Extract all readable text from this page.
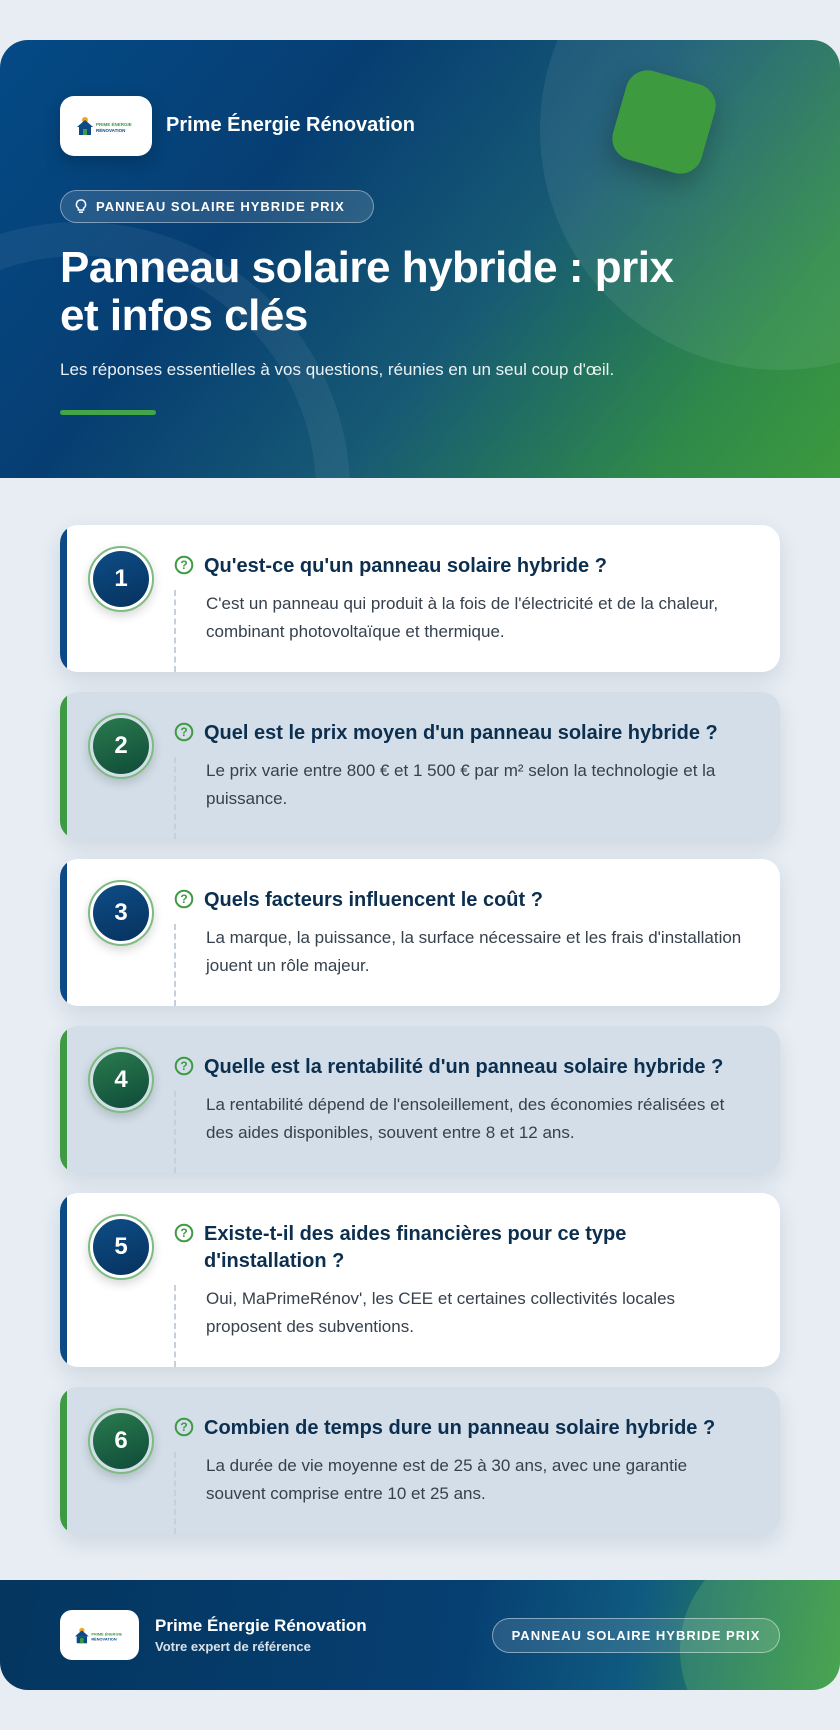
PRIME ÉNERGIE
RÉNOVATION Prime Énergie Rénovation
PANNEAU SOLAIRE HYBRIDE PRIX
Panneau solaire hybride : prix et infos clés

Les réponses essentielles à vos questions, réunies en un seul coup d'œil.

1	? Qu'est-ce qu'un panneau solaire hybride ?

C'est un panneau qui produit à la fois de l'électricité et de la chaleur, combinant photovoltaïque et thermique.

2	? Quel est le prix moyen d'un panneau solaire hybride ?

Le prix varie entre 800 € et 1 500 € par m² selon la technologie et la puissance.

3	? Quels facteurs influencent le coût ?

La marque, la puissance, la surface nécessaire et les frais d'installation jouent un rôle majeur.

4	? Quelle est la rentabilité d'un panneau solaire hybride ?

La rentabilité dépend de l'ensoleillement, des économies réalisées et des aides disponibles, souvent entre 8 et 12 ans.

5	? Existe-t-il des aides financières pour ce type d'installation ?

Oui, MaPrimeRénov', les CEE et certaines collectivités locales proposent des subventions.

6	? Combien de temps dure un panneau solaire hybride ?

La durée de vie moyenne est de 25 à 30 ans, avec une garantie souvent comprise entre 10 et 25 ans.

PRIME ÉNERGIE
RÉNOVATION
Prime Énergie Rénovation
Votre expert de référence
PANNEAU SOLAIRE HYBRIDE PRIX
